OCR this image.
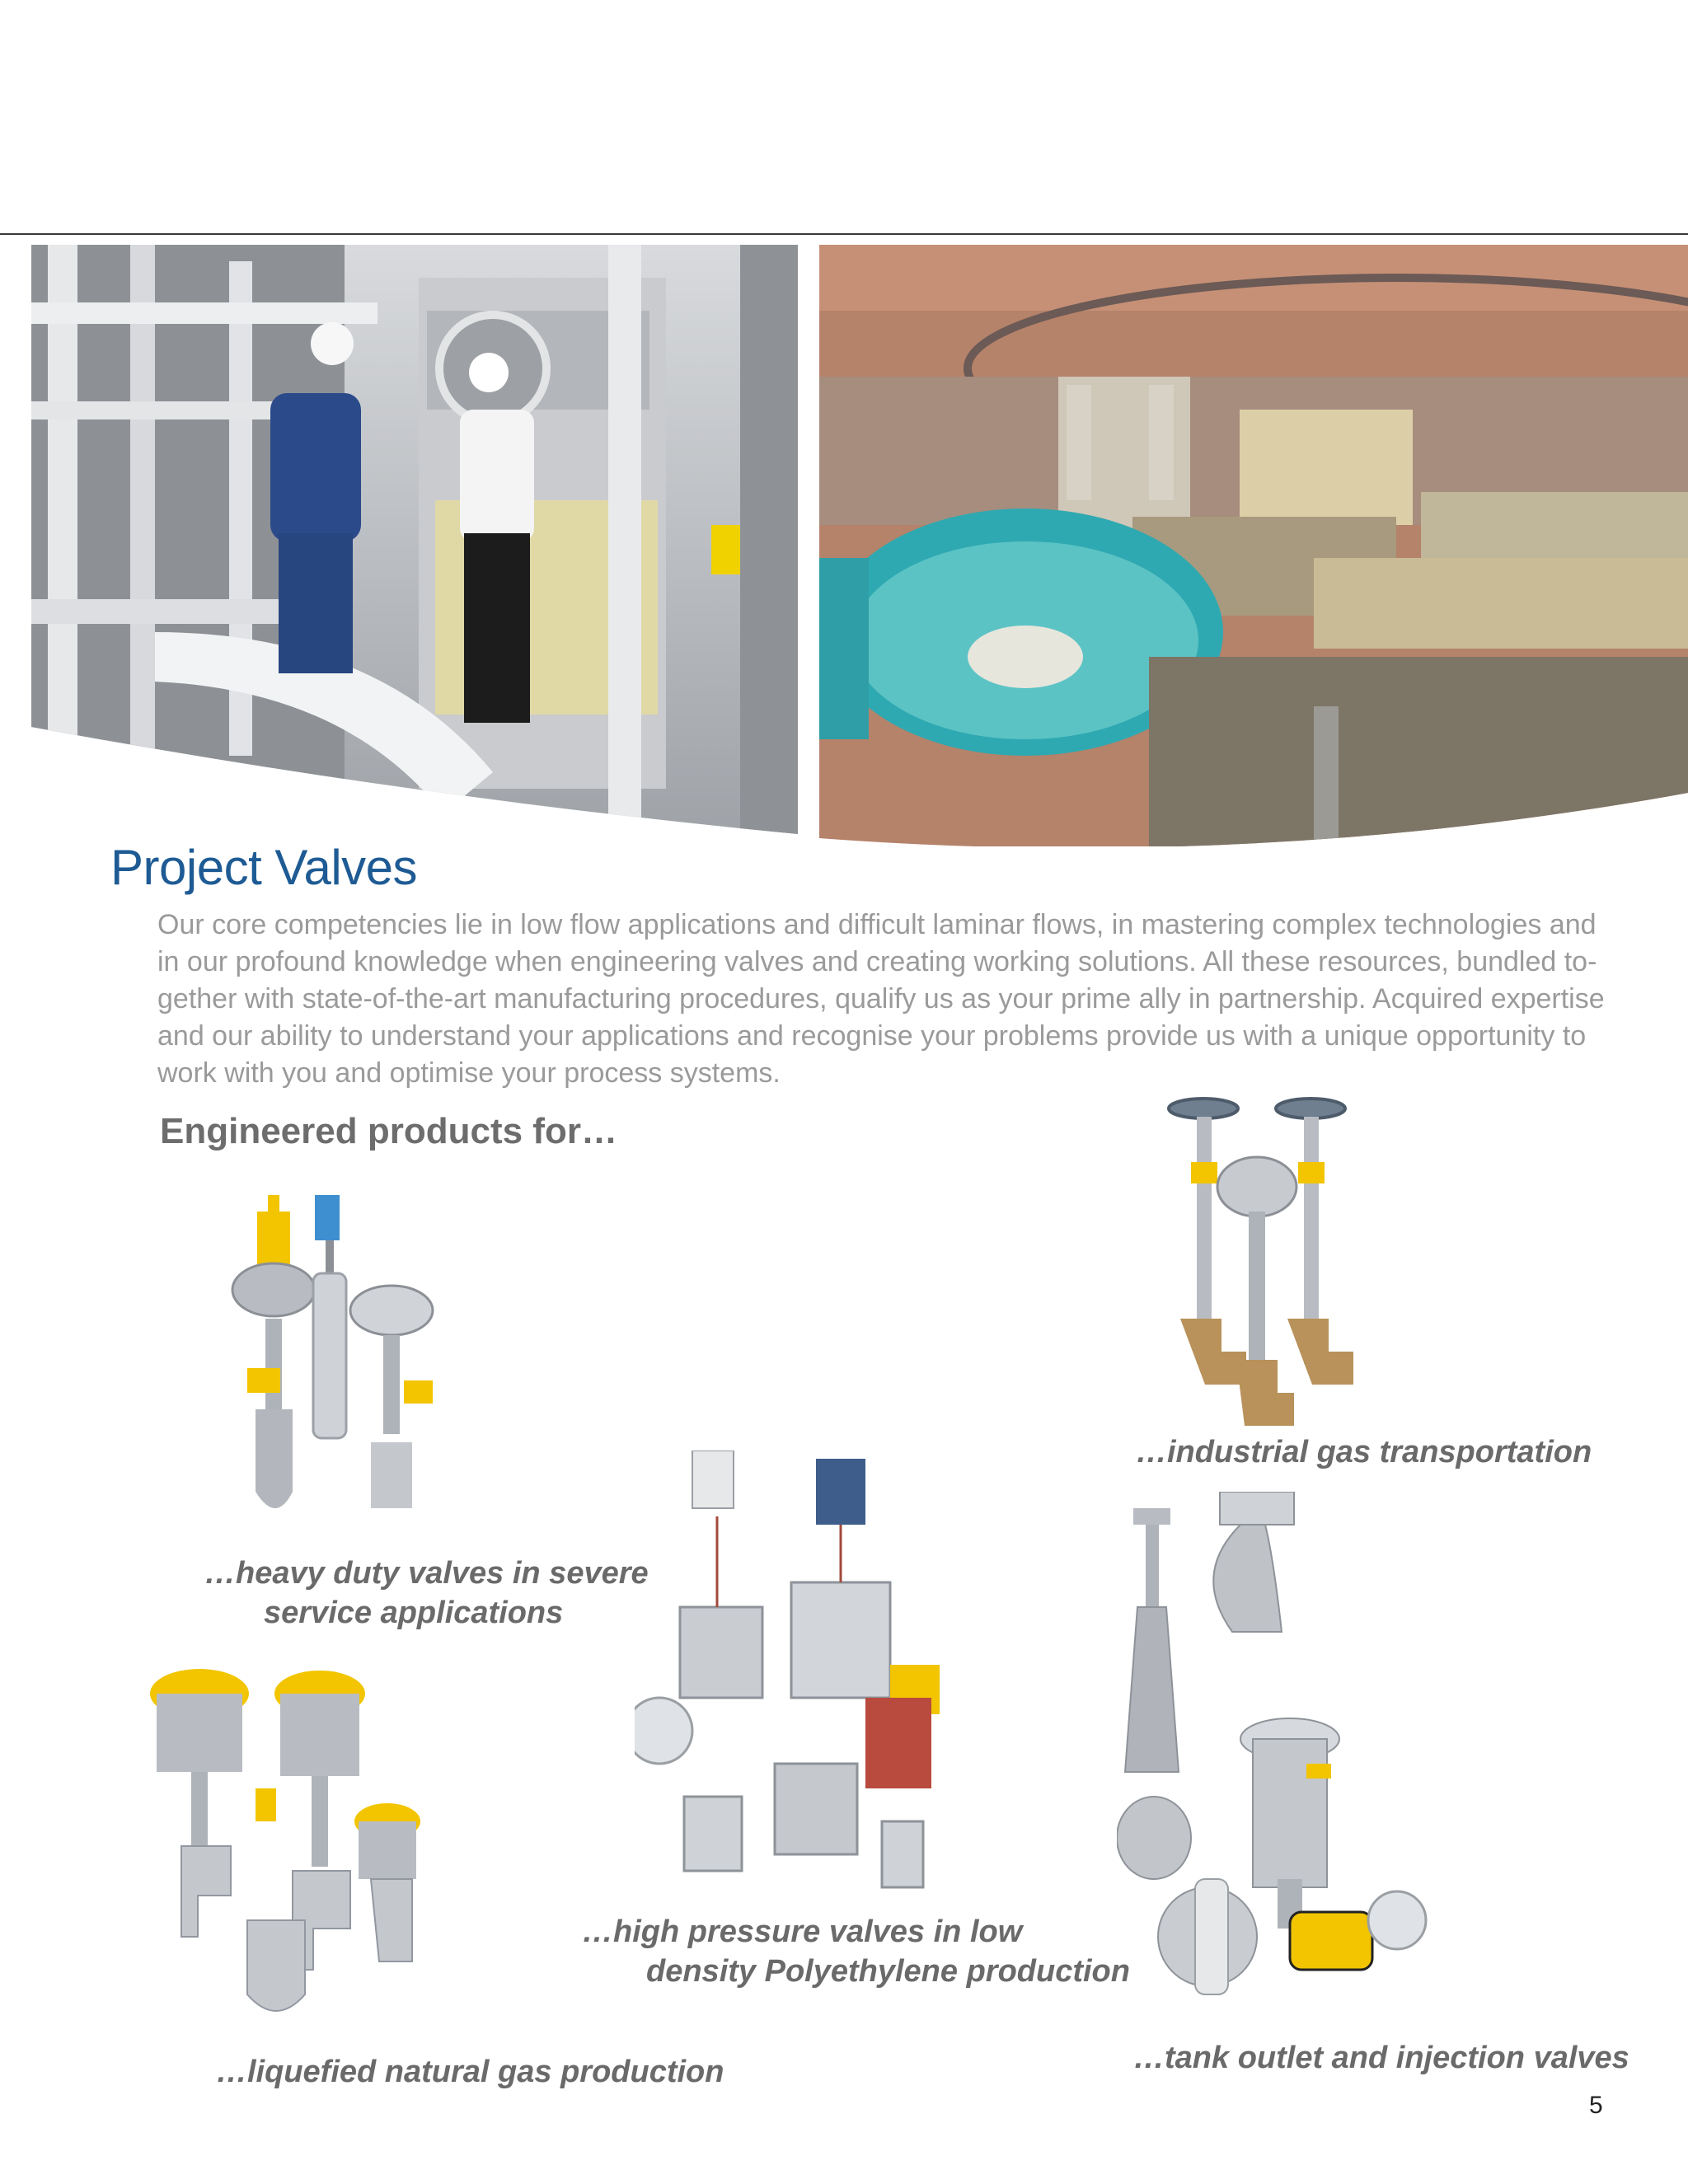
Project Valves

Our core competencies lie in low flow applications and difficult laminar flows, in mastering complex technologies and

in our profound knowledge when engineering valves and creating working solutions. All these resources, bundled to-

gether with state-of-the-art manufacturing procedures, qualify us as your prime ally in partnership. Acquired expertise

and our ability to understand your applications and recognise your problems provide us with a unique opportunity to

work with you and optimise your process systems.

Engineered products for…
…industrial gas transportation
…heavy duty valves in severe
service applications
…high pressure valves in low
density Polyethylene production
…liquefied natural gas production	…tank outlet and injection valves
5
